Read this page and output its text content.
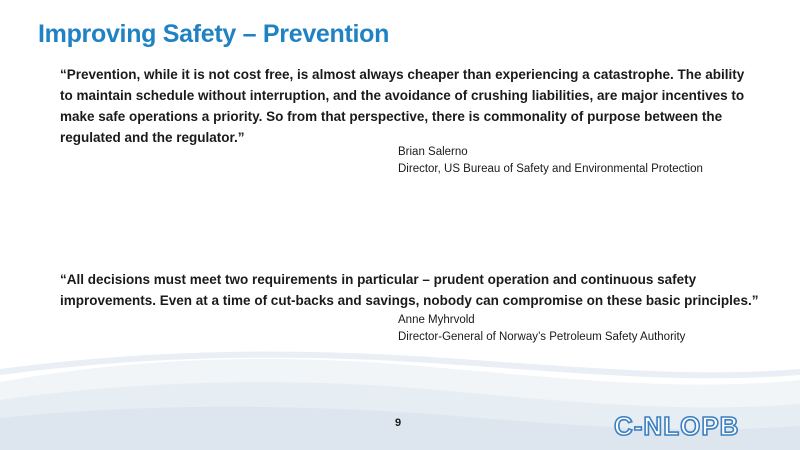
Improving Safety – Prevention
“Prevention, while it is not cost free, is almost always cheaper than experiencing a catastrophe. The ability to maintain schedule without interruption, and the avoidance of crushing liabilities, are major incentives to make safe operations a priority. So from that perspective, there is commonality of purpose between the regulated and the regulator.”
Brian Salerno
Director, US Bureau of Safety and Environmental Protection
“All decisions must meet two requirements in particular – prudent operation and continuous safety improvements. Even at a time of cut-backs and savings, nobody can compromise on these basic principles.”
Anne Myhrvold
Director-General of Norway’s Petroleum Safety Authority
9	C-NLOPB
